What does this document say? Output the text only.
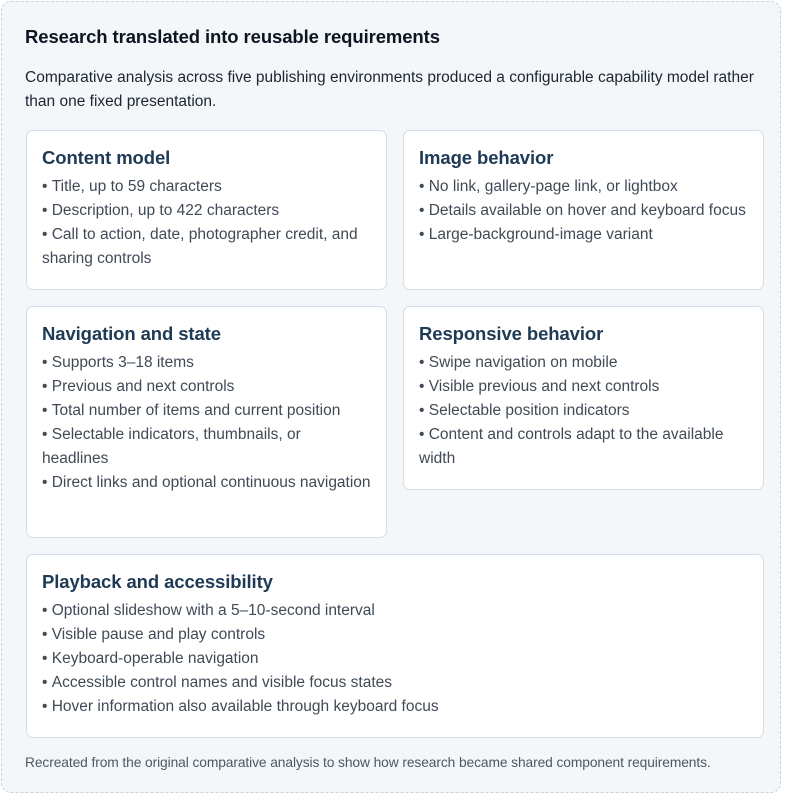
Research translated into reusable requirements

Comparative analysis across five publishing environments produced a configurable capability model rather than one fixed presentation.

Content model
• Title, up to 59 characters
• Description, up to 422 characters
• Call to action, date, photographer credit, and sharing controls
Image behavior
• No link, gallery-page link, or lightbox
• Details available on hover and keyboard focus
• Large-background-image variant
Navigation and state
• Supports 3–18 items
• Previous and next controls
• Total number of items and current position
• Selectable indicators, thumbnails, or headlines
• Direct links and optional continuous navigation
Responsive behavior
• Swipe navigation on mobile
• Visible previous and next controls
• Selectable position indicators
• Content and controls adapt to the available width
Playback and accessibility
• Optional slideshow with a 5–10-second interval
• Visible pause and play controls
• Keyboard-operable navigation
• Accessible control names and visible focus states
• Hover information also available through keyboard focus

Recreated from the original comparative analysis to show how research became shared component requirements.
